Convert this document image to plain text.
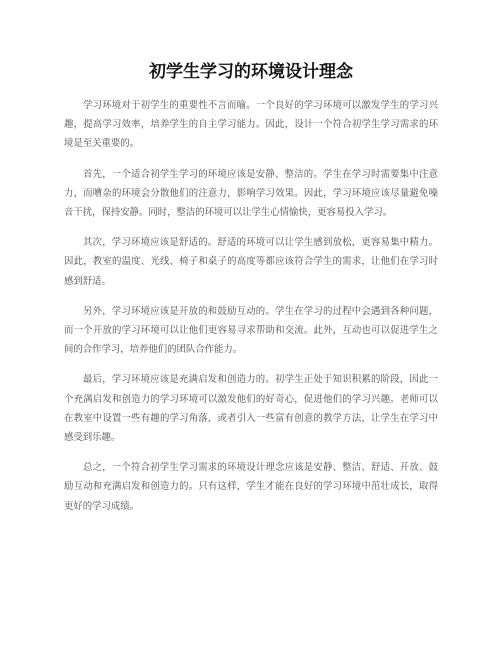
初学生学习的环境设计理念

学习环境对于初学生的重要性不言而喻。一个良好的学习环境可以激发学生的学习兴趣，提高学习效率，培养学生的自主学习能力。因此，设计一个符合初学生学习需求的环境是至关重要的。

首先，一个适合初学生学习的环境应该是安静、整洁的。学生在学习时需要集中注意力，而嘈杂的环境会分散他们的注意力，影响学习效果。因此，学习环境应该尽量避免噪音干扰，保持安静。同时，整洁的环境可以让学生心情愉快，更容易投入学习。

其次，学习环境应该是舒适的。舒适的环境可以让学生感到放松，更容易集中精力。因此，教室的温度、光线、椅子和桌子的高度等都应该符合学生的需求，让他们在学习时感到舒适。

另外，学习环境应该是开放的和鼓励互动的。学生在学习的过程中会遇到各种问题，而一个开放的学习环境可以让他们更容易寻求帮助和交流。此外，互动也可以促进学生之间的合作学习，培养他们的团队合作能力。

最后，学习环境应该是充满启发和创造力的。初学生正处于知识积累的阶段，因此一个充满启发和创造力的学习环境可以激发他们的好奇心，促进他们的学习兴趣。老师可以在教室中设置一些有趣的学习角落，或者引入一些富有创意的教学方法，让学生在学习中感受到乐趣。

总之，一个符合初学生学习需求的环境设计理念应该是安静、整洁、舒适、开放、鼓励互动和充满启发和创造力的。只有这样，学生才能在良好的学习环境中茁壮成长，取得更好的学习成绩。
